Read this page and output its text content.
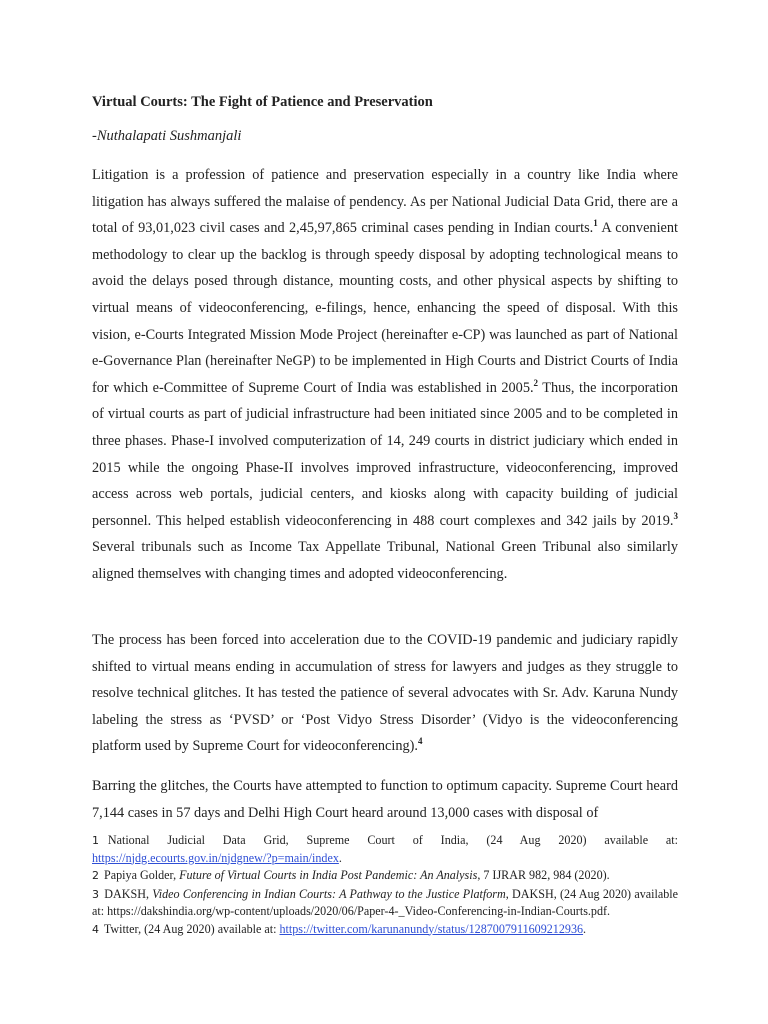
Virtual Courts: The Fight of Patience and Preservation
-Nuthalapati Sushmanjali
Litigation is a profession of patience and preservation especially in a country like India where litigation has always suffered the malaise of pendency. As per National Judicial Data Grid, there are a total of 93,01,023 civil cases and 2,45,97,865 criminal cases pending in Indian courts.$^1$ A convenient methodology to clear up the backlog is through speedy disposal by adopting technological means to avoid the delays posed through distance, mounting costs, and other physical aspects by shifting to virtual means of videoconferencing, e-filings, hence, enhancing the speed of disposal. With this vision, e-Courts Integrated Mission Mode Project (hereinafter e-CP) was launched as part of National e-Governance Plan (hereinafter NeGP) to be implemented in High Courts and District Courts of India for which e-Committee of Supreme Court of India was established in 2005.$^2$ Thus, the incorporation of virtual courts as part of judicial infrastructure had been initiated since 2005 and to be completed in three phases. Phase-I involved computerization of 14, 249 courts in district judiciary which ended in 2015 while the ongoing Phase-II involves improved infrastructure, videoconferencing, improved access across web portals, judicial centers, and kiosks along with capacity building of judicial personnel. This helped establish videoconferencing in 488 court complexes and 342 jails by 2019.$^3$ Several tribunals such as Income Tax Appellate Tribunal, National Green Tribunal also similarly aligned themselves with changing times and adopted videoconferencing.
The process has been forced into acceleration due to the COVID-19 pandemic and judiciary rapidly shifted to virtual means ending in accumulation of stress for lawyers and judges as they struggle to resolve technical glitches. It has tested the patience of several advocates with Sr. Adv. Karuna Nundy labeling the stress as ‘PVSD’ or ‘Post Vidyo Stress Disorder’ (Vidyo is the videoconferencing platform used by Supreme Court for videoconferencing).$^4$
Barring the glitches, the Courts have attempted to function to optimum capacity. Supreme Court heard 7,144 cases in 57 days and Delhi High Court heard around 13,000 cases with disposal of
1 National Judicial Data Grid, Supreme Court of India, (24 Aug 2020) available at: https://njdg.ecourts.gov.in/njdgnew/?p=main/index.
2 Papiya Golder, Future of Virtual Courts in India Post Pandemic: An Analysis, 7 IJRAR 982, 984 (2020).
3 DAKSH, Video Conferencing in Indian Courts: A Pathway to the Justice Platform, DAKSH, (24 Aug 2020) available at: https://dakshindia.org/wp-content/uploads/2020/06/Paper-4-_Video-Conferencing-in-Indian-Courts.pdf.
4 Twitter, (24 Aug 2020) available at: https://twitter.com/karunanundy/status/1287007911609212936.
